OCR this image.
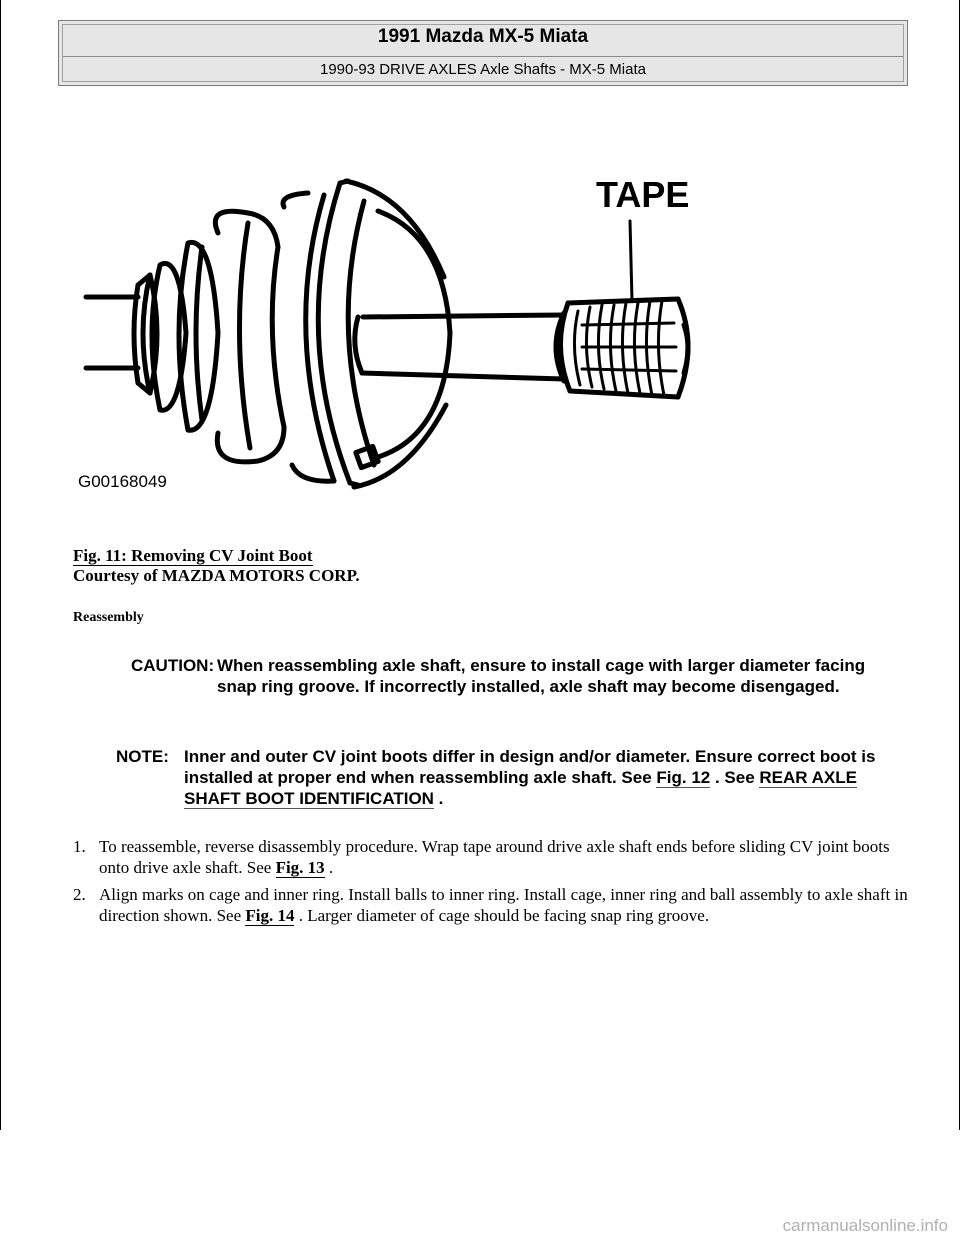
1991 Mazda MX-5 Miata
1990-93 DRIVE AXLES Axle Shafts - MX-5 Miata
TAPE
G00168049
Fig. 11: Removing CV Joint Boot
Courtesy of MAZDA MOTORS CORP.
Reassembly
CAUTION: When reassembling axle shaft, ensure to install cage with larger diameter facing snap ring groove. If incorrectly installed, axle shaft may become disengaged.
NOTE: Inner and outer CV joint boots differ in design and/or diameter. Ensure correct boot is installed at proper end when reassembling axle shaft. See Fig. 12 . See REAR AXLE SHAFT BOOT IDENTIFICATION .
1. To reassemble, reverse disassembly procedure. Wrap tape around drive axle shaft ends before sliding CV joint boots onto drive axle shaft. See Fig. 13 .
2. Align marks on cage and inner ring. Install balls to inner ring. Install cage, inner ring and ball assembly to axle shaft in direction shown. See Fig. 14 . Larger diameter of cage should be facing snap ring groove.
carmanualsonline.info
